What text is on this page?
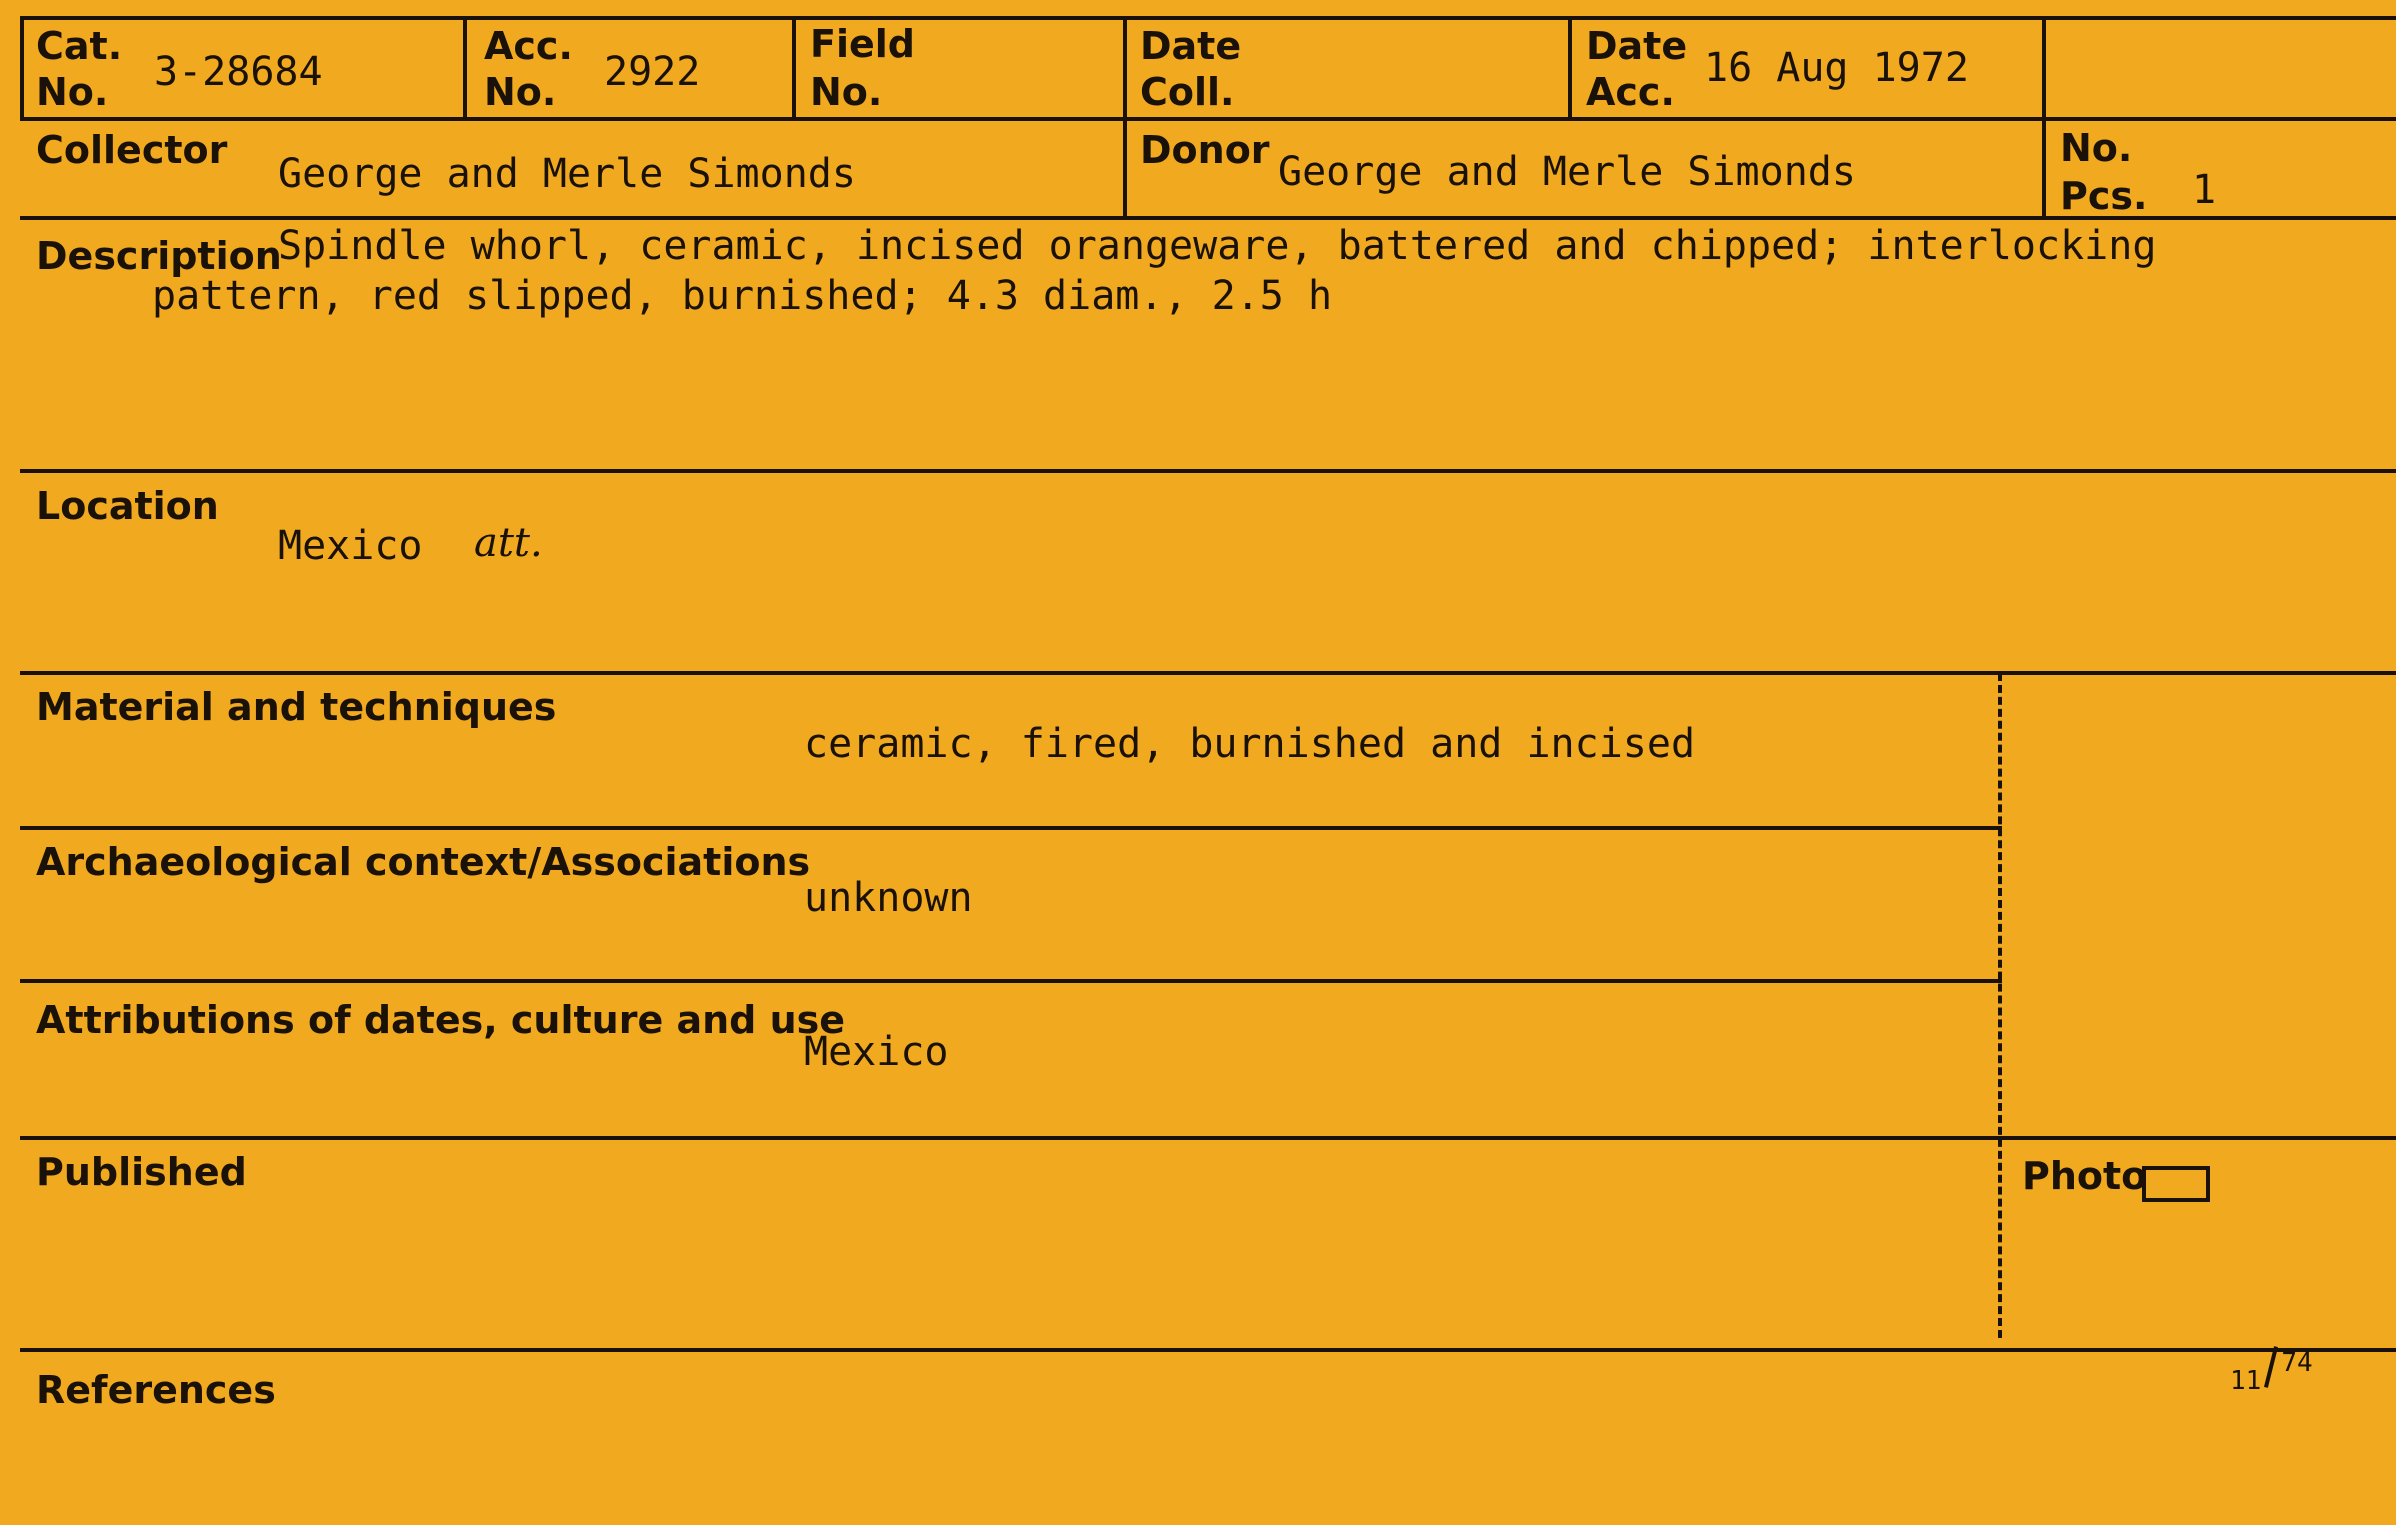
Cat.
No. 3-28684
Acc.
No. 2922
Field
No.
Date
Coll.
Date
Acc.
16 Aug 1972
Collector
George and Merle Simonds
Donor George and Merle Simonds
No.
Pcs. 1
Description
Spindle whorl, ceramic, incised orangeware, battered and chipped; interlocking
pattern, red slipped, burnished; 4.3 diam., 2.5 h
Location
Mexico att.
Material and techniques
ceramic, fired, burnished and incised
Archaeological context/Associations
unknown
Attributions of dates, culture and use
Mexico
Published	Photo
References	1174
